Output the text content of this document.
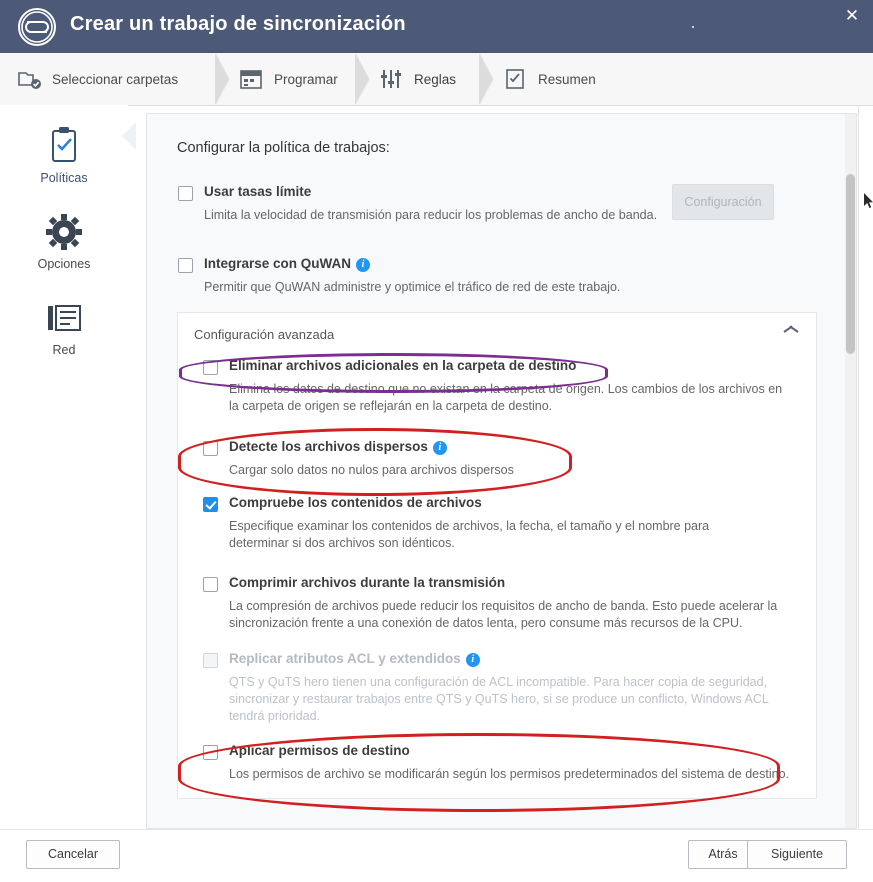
Crear un trabajo de sincronización	✕
Seleccionar carpetas	Programar	Reglas	Resumen
Políticas
Opciones
Red
Configurar la política de trabajos:
Configuración
Usar tasas límite
Limita la velocidad de transmisión para reducir los problemas de ancho de banda.
Integrarse con QuWAN i
Permitir que QuWAN administre y optimice el tráfico de red de este trabajo.
Configuración avanzada
Eliminar archivos adicionales en la carpeta de destino
Elimina los datos de destino que no existan en la carpeta de origen. Los cambios de los archivos en la carpeta de origen se reflejarán en la carpeta de destino.
Detecte los archivos dispersos i
Cargar solo datos no nulos para archivos dispersos
Compruebe los contenidos de archivos
Especifique examinar los contenidos de archivos, la fecha, el tamaño y el nombre para determinar si dos archivos son idénticos.
Comprimir archivos durante la transmisión
La compresión de archivos puede reducir los requisitos de ancho de banda. Esto puede acelerar la sincronización frente a una conexión de datos lenta, pero consume más recursos de la CPU.
Replicar atributos ACL y extendidos i
QTS y QuTS hero tienen una configuración de ACL incompatible. Para hacer copia de seguridad, sincronizar y restaurar trabajos entre QTS y QuTS hero, si se produce un conflicto, Windows ACL tendrá prioridad.
Aplicar permisos de destino
Los permisos de archivo se modificarán según los permisos predeterminados del sistema de destino.
Cancelar	Atrás	Siguiente
